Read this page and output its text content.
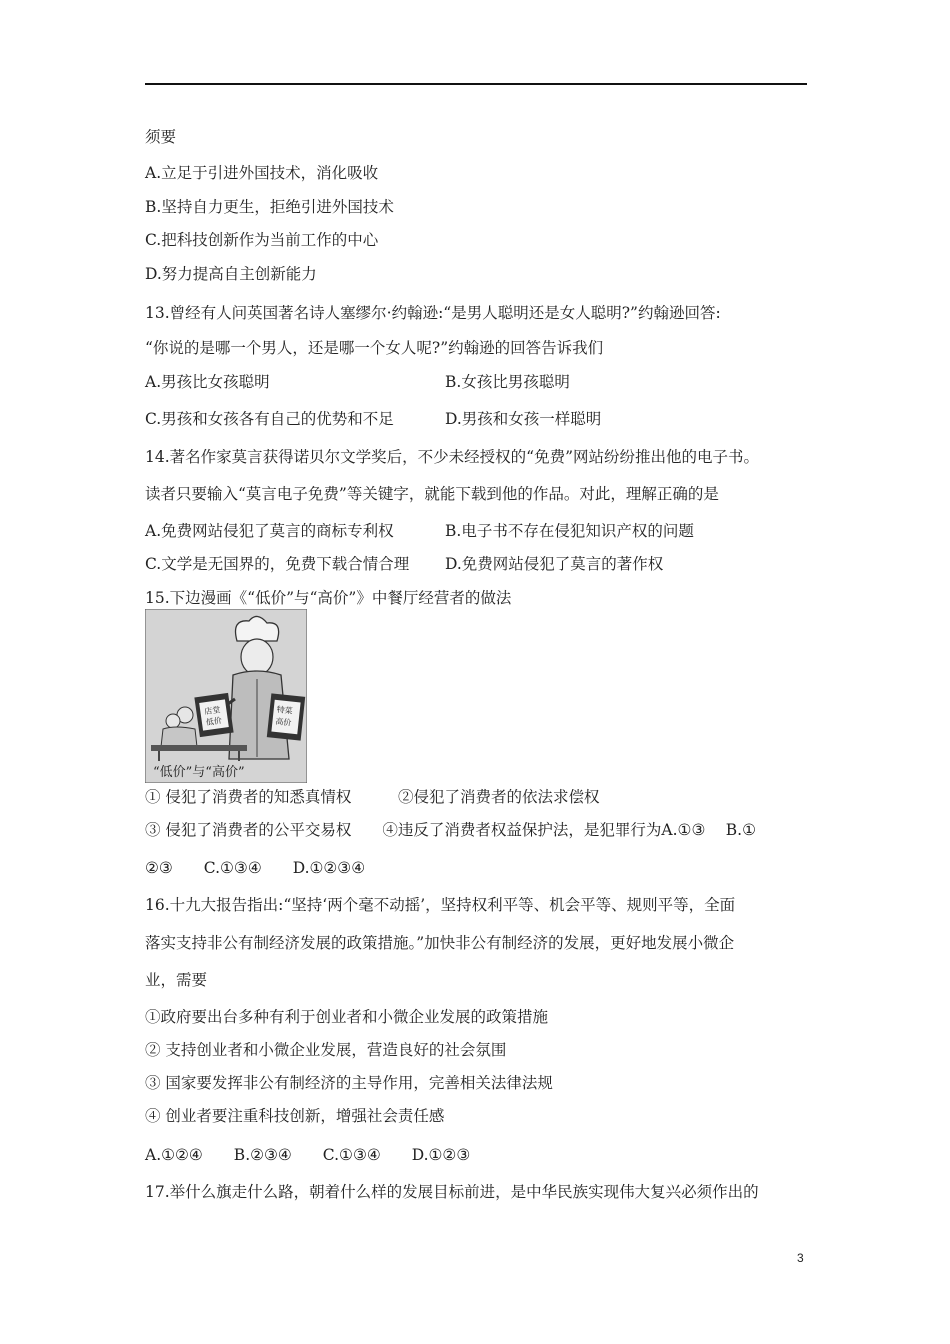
须要
A.立足于引进外国技术，消化吸收
B.坚持自力更生，拒绝引进外国技术
C.把科技创新作为当前工作的中心
D.努力提高自主创新能力
13.曾经有人问英国著名诗人塞缪尔·约翰逊:“是男人聪明还是女人聪明?”约翰逊回答:
“你说的是哪一个男人，还是哪一个女人呢?”约翰逊的回答告诉我们
A.男孩比女孩聪明	B.女孩比男孩聪明
C.男孩和女孩各有自己的优势和不足	D.男孩和女孩一样聪明
14.著名作家莫言获得诺贝尔文学奖后，不少未经授权的“免费”网站纷纷推出他的电子书。
读者只要输入“莫言电子免费”等关键字，就能下载到他的作品。对此，理解正确的是
A.免费网站侵犯了莫言的商标专利权	B.电子书不存在侵犯知识产权的问题
C.文学是无国界的，免费下载合情合理 D.免费网站侵犯了莫言的著作权
15.下边漫画《“低价”与“高价”》中餐厅经营者的做法
店堂
低价
特菜
高价
“低价”与“高价”
① 侵犯了消费者的知悉真情权	②侵犯了消费者的依法求偿权
③ 侵犯了消费者的公平交易权　　④违反了消费者权益保护法，是犯罪行为A.①③　 B.①
②③　　C.①③④　　D.①②③④
16.十九大报告指出:“坚持‘两个毫不动摇’，坚持权利平等、机会平等、规则平等，全面
落实支持非公有制经济发展的政策措施。”加快非公有制经济的发展，更好地发展小微企
业，需要
①政府要出台多种有利于创业者和小微企业发展的政策措施
② 支持创业者和小微企业发展，营造良好的社会氛围
③ 国家要发挥非公有制经济的主导作用，完善相关法律法规
④ 创业者要注重科技创新，增强社会责任感
A.①②④　　B.②③④　　C.①③④　　D.①②③
17.举什么旗走什么路，朝着什么样的发展目标前进，是中华民族实现伟大复兴必须作出的
3
